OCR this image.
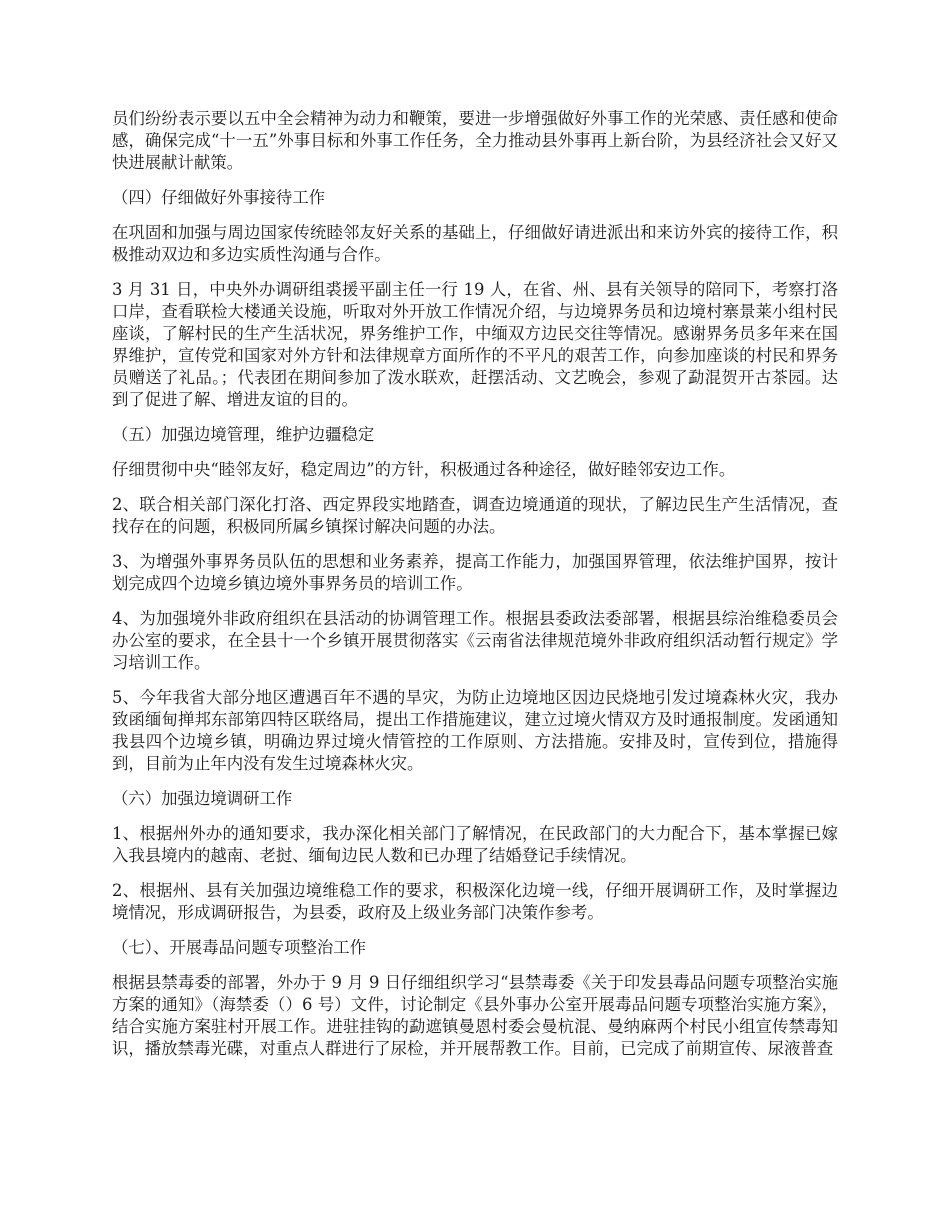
员们纷纷表示要以五中全会精神为动力和鞭策，要进一步增强做好外事工作的光荣感、责任感和使命感，确保完成“十一五”外事目标和外事工作任务，全力推动县外事再上新台阶，为县经济社会又好又快进展献计献策。

（四）仔细做好外事接待工作

在巩固和加强与周边国家传统睦邻友好关系的基础上，仔细做好请进派出和来访外宾的接待工作，积极推动双边和多边实质性沟通与合作。

3 月 31 日，中央外办调研组裘援平副主任一行 19 人，在省、州、县有关领导的陪同下，考察打洛口岸，查看联检大楼通关设施，听取对外开放工作情况介绍，与边境界务员和边境村寨景莱小组村民座谈，了解村民的生产生活状况，界务维护工作，中缅双方边民交往等情况。感谢界务员多年来在国界维护，宣传党和国家对外方针和法律规章方面所作的不平凡的艰苦工作，向参加座谈的村民和界务员赠送了礼品。；代表团在期间参加了泼水联欢，赶摆活动、文艺晚会，参观了勐混贺开古茶园。达到了促进了解、增进友谊的目的。

（五）加强边境管理，维护边疆稳定

仔细贯彻中央“睦邻友好，稳定周边”的方针，积极通过各种途径，做好睦邻安边工作。

2、联合相关部门深化打洛、西定界段实地踏查，调查边境通道的现状，了解边民生产生活情况，查找存在的问题，积极同所属乡镇探讨解决问题的办法。

3、为增强外事界务员队伍的思想和业务素养，提高工作能力，加强国界管理，依法维护国界，按计划完成四个边境乡镇边境外事界务员的培训工作。

4、为加强境外非政府组织在县活动的协调管理工作。根据县委政法委部署，根据县综治维稳委员会办公室的要求，在全县十一个乡镇开展贯彻落实《云南省法律规范境外非政府组织活动暂行规定》学习培训工作。

5、今年我省大部分地区遭遇百年不遇的旱灾，为防止边境地区因边民烧地引发过境森林火灾，我办致函缅甸掸邦东部第四特区联络局，提出工作措施建议，建立过境火情双方及时通报制度。发函通知我县四个边境乡镇，明确边界过境火情管控的工作原则、方法措施。安排及时，宣传到位，措施得到，目前为止年内没有发生过境森林火灾。

（六）加强边境调研工作

1、根据州外办的通知要求，我办深化相关部门了解情况，在民政部门的大力配合下，基本掌握已嫁入我县境内的越南、老挝、缅甸边民人数和已办理了结婚登记手续情况。

2、根据州、县有关加强边境维稳工作的要求，积极深化边境一线，仔细开展调研工作，及时掌握边境情况，形成调研报告，为县委，政府及上级业务部门决策作参考。

（七）、开展毒品问题专项整治工作

根据县禁毒委的部署，外办于 9 月 9 日仔细组织学习“县禁毒委《关于印发县毒品问题专项整治实施方案的通知》（海禁委（）6 号）文件，讨论制定《县外事办公室开展毒品问题专项整治实施方案》，结合实施方案驻村开展工作。进驻挂钩的勐遮镇曼恩村委会曼杭混、曼纳麻两个村民小组宣传禁毒知识，播放禁毒光碟，对重点人群进行了尿检，并开展帮教工作。目前，已完成了前期宣传、尿液普查
